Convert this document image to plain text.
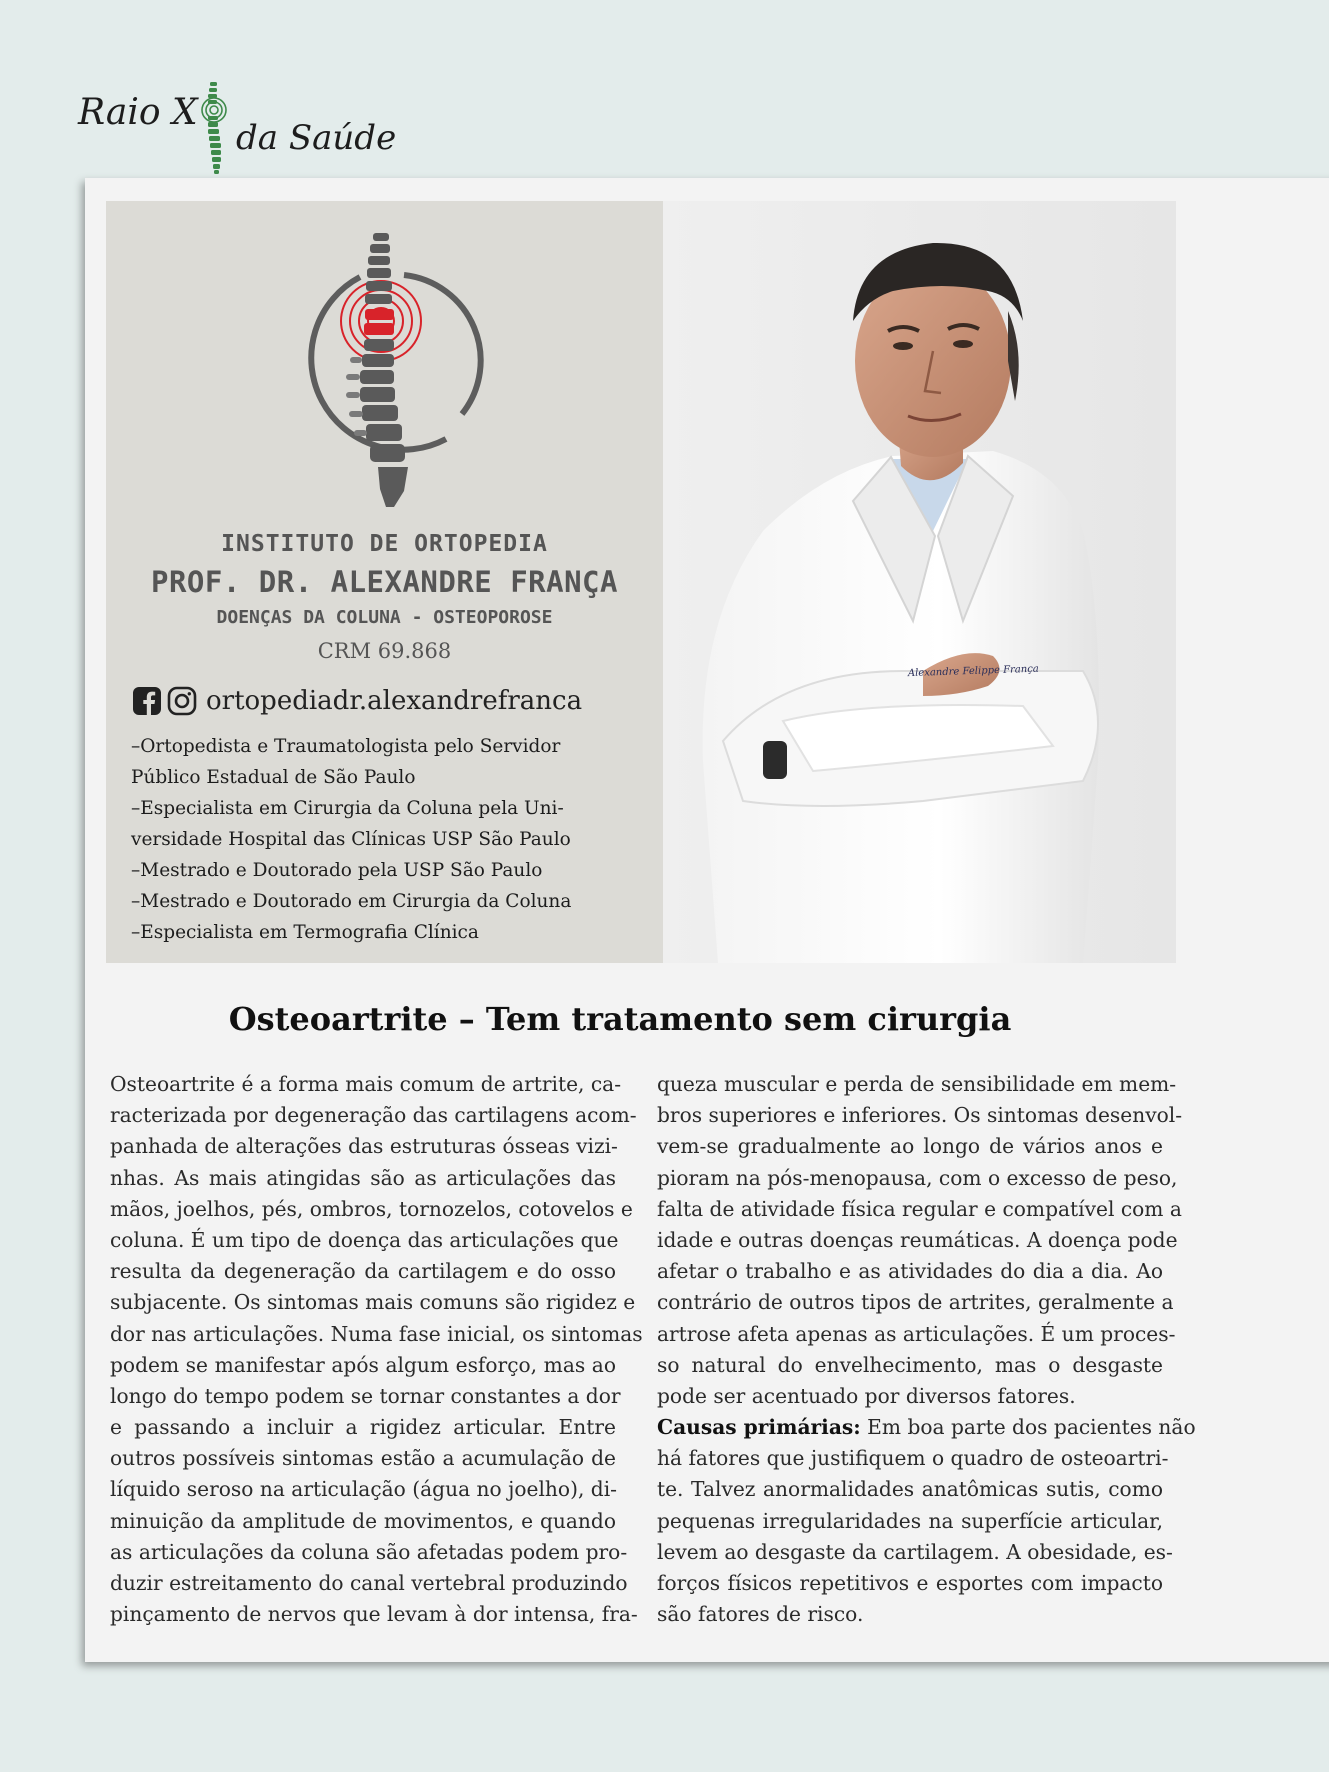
Raio X
da Saúde
INSTITUTO DE ORTOPEDIA
PROF. DR. ALEXANDRE FRANÇA
DOENÇAS DA COLUNA - OSTEOPOROSE
CRM 69.868
ortopediadr.alexandrefranca
–Ortopedista e Traumatologista pelo Servidor
Público Estadual de São Paulo
–Especialista em Cirurgia da Coluna pela Uni-
versidade Hospital das Clínicas USP São Paulo
–Mestrado e Doutorado pela USP São Paulo
–Mestrado e Doutorado em Cirurgia da Coluna
–Especialista em Termografia Clínica
Alexandre Felippe França
Osteoartrite – Tem tratamento sem cirurgia
Osteoartrite é a forma mais comum de artrite, ca-
racterizada por degeneração das cartilagens acom-
panhada de alterações das estruturas ósseas vizi-
nhas. As mais atingidas são as articulações das
mãos, joelhos, pés, ombros, tornozelos, cotovelos e
coluna. É um tipo de doença das articulações que
resulta da degeneração da cartilagem e do osso
subjacente. Os sintomas mais comuns são rigidez e
dor nas articulações. Numa fase inicial, os sintomas
podem se manifestar após algum esforço, mas ao
longo do tempo podem se tornar constantes a dor
e passando a incluir a rigidez articular. Entre
outros possíveis sintomas estão a acumulação de
líquido seroso na articulação (água no joelho), di-
minuição da amplitude de movimentos, e quando
as articulações da coluna são afetadas podem pro-
duzir estreitamento do canal vertebral produzindo
pinçamento de nervos que levam à dor intensa, fra-
queza muscular e perda de sensibilidade em mem-
bros superiores e inferiores. Os sintomas desenvol-
vem-se gradualmente ao longo de vários anos e
pioram na pós-menopausa, com o excesso de peso,
falta de atividade física regular e compatível com a
idade e outras doenças reumáticas. A doença pode
afetar o trabalho e as atividades do dia a dia. Ao
contrário de outros tipos de artrites, geralmente a
artrose afeta apenas as articulações. É um proces-
so natural do envelhecimento, mas o desgaste
pode ser acentuado por diversos fatores.
Causas primárias: Em boa parte dos pacientes não
há fatores que justifiquem o quadro de osteoartri-
te. Talvez anormalidades anatômicas sutis, como
pequenas irregularidades na superfície articular,
levem ao desgaste da cartilagem. A obesidade, es-
forços físicos repetitivos e esportes com impacto
são fatores de risco.
